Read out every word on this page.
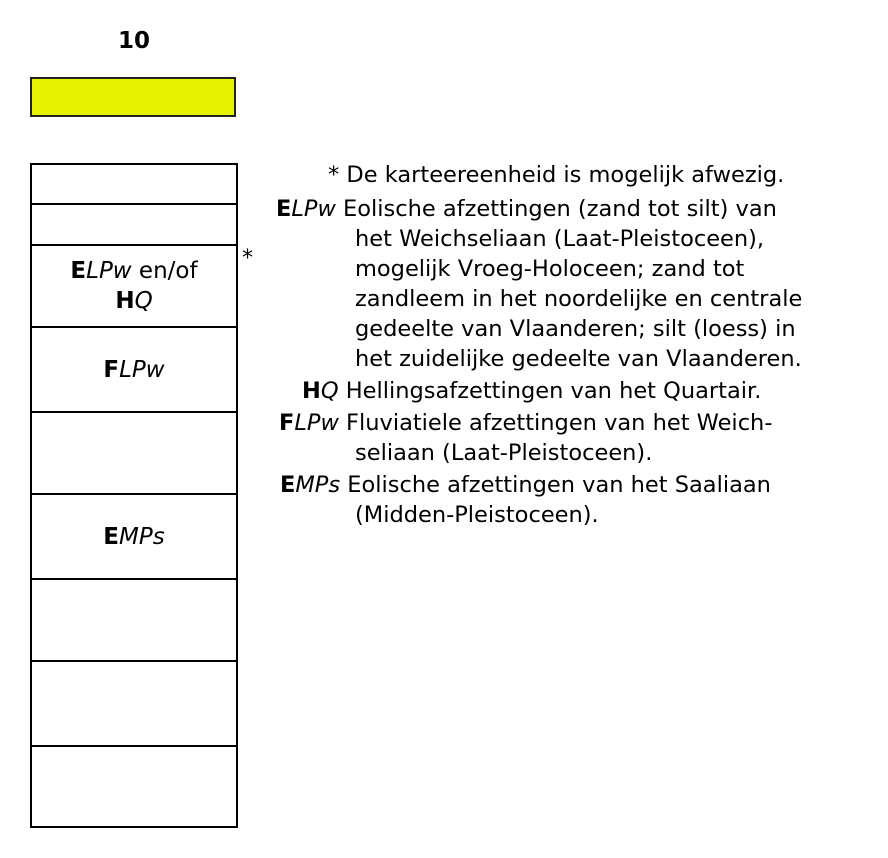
10
ELPw en/of
HQ
FLPw
EMPs
*
* De karteereenheid is mogelijk afwezig.
ELPw Eolische afzettingen (zand tot silt) van
het Weichseliaan (Laat-Pleistoceen),
mogelijk Vroeg-Holoceen; zand tot
zandleem in het noordelijke en centrale
gedeelte van Vlaanderen; silt (loess) in
het zuidelijke gedeelte van Vlaanderen.
HQ Hellingsafzettingen van het Quartair.
FLPw Fluviatiele afzettingen van het Weich-
seliaan (Laat-Pleistoceen).
EMPs Eolische afzettingen van het Saaliaan
(Midden-Pleistoceen).
